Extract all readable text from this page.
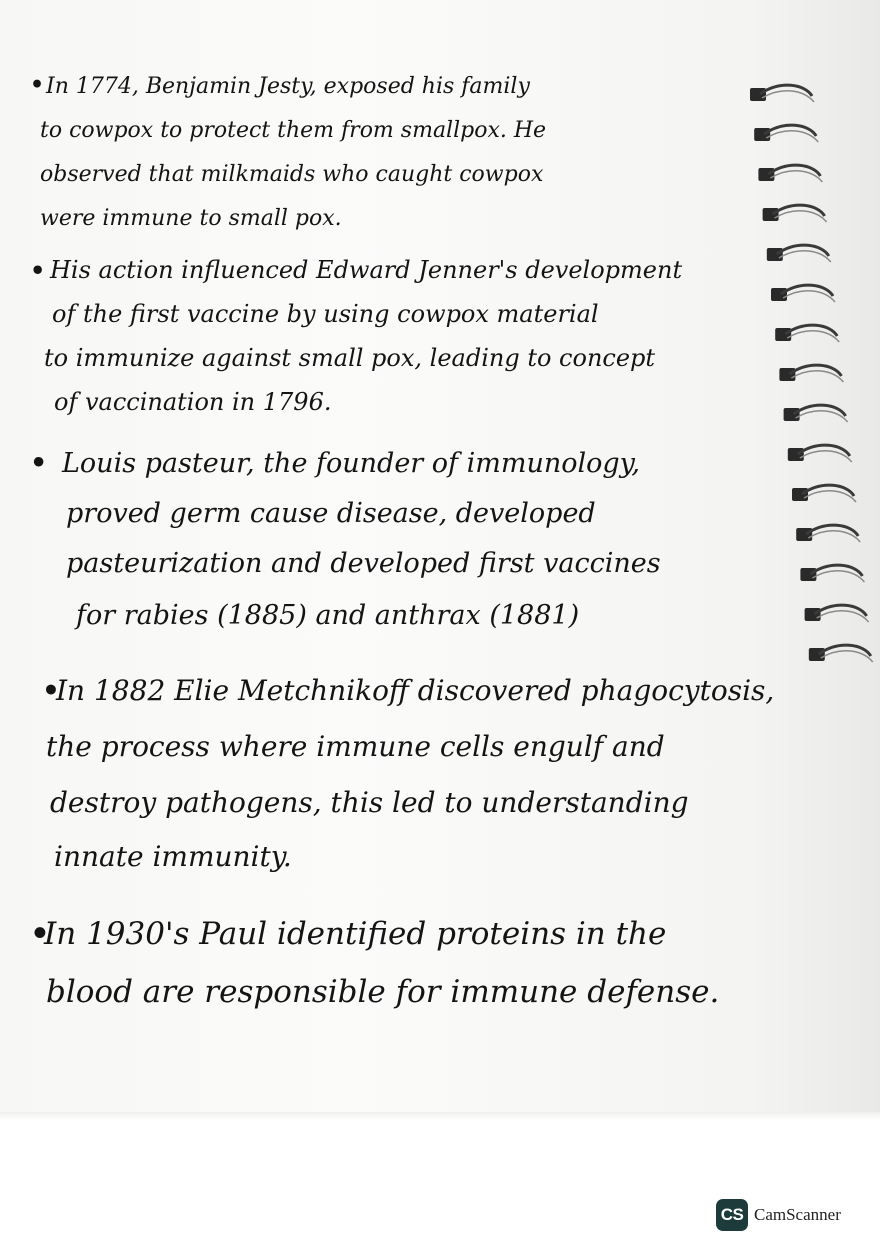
• In 1774, Benjamin Jesty, exposed his family
to cowpox to protect them from smallpox. He
observed that milkmaids who caught cowpox
were immune to small pox.
• His action influenced Edward Jenner's development
of the first vaccine by using cowpox material
to immunize against small pox, leading to concept
of vaccination in 1796.
• Louis pasteur, the founder of immunology,
proved germ cause disease, developed
pasteurization and developed first vaccines
for rabies (1885) and anthrax (1881)
•
In 1882 Elie Metchnikoff discovered phagocytosis,
the process where immune cells engulf and
destroy pathogens, this led to understanding
innate immunity.
•
In 1930's Paul identified proteins in the
blood are responsible for immune defense.
CS CamScanner
